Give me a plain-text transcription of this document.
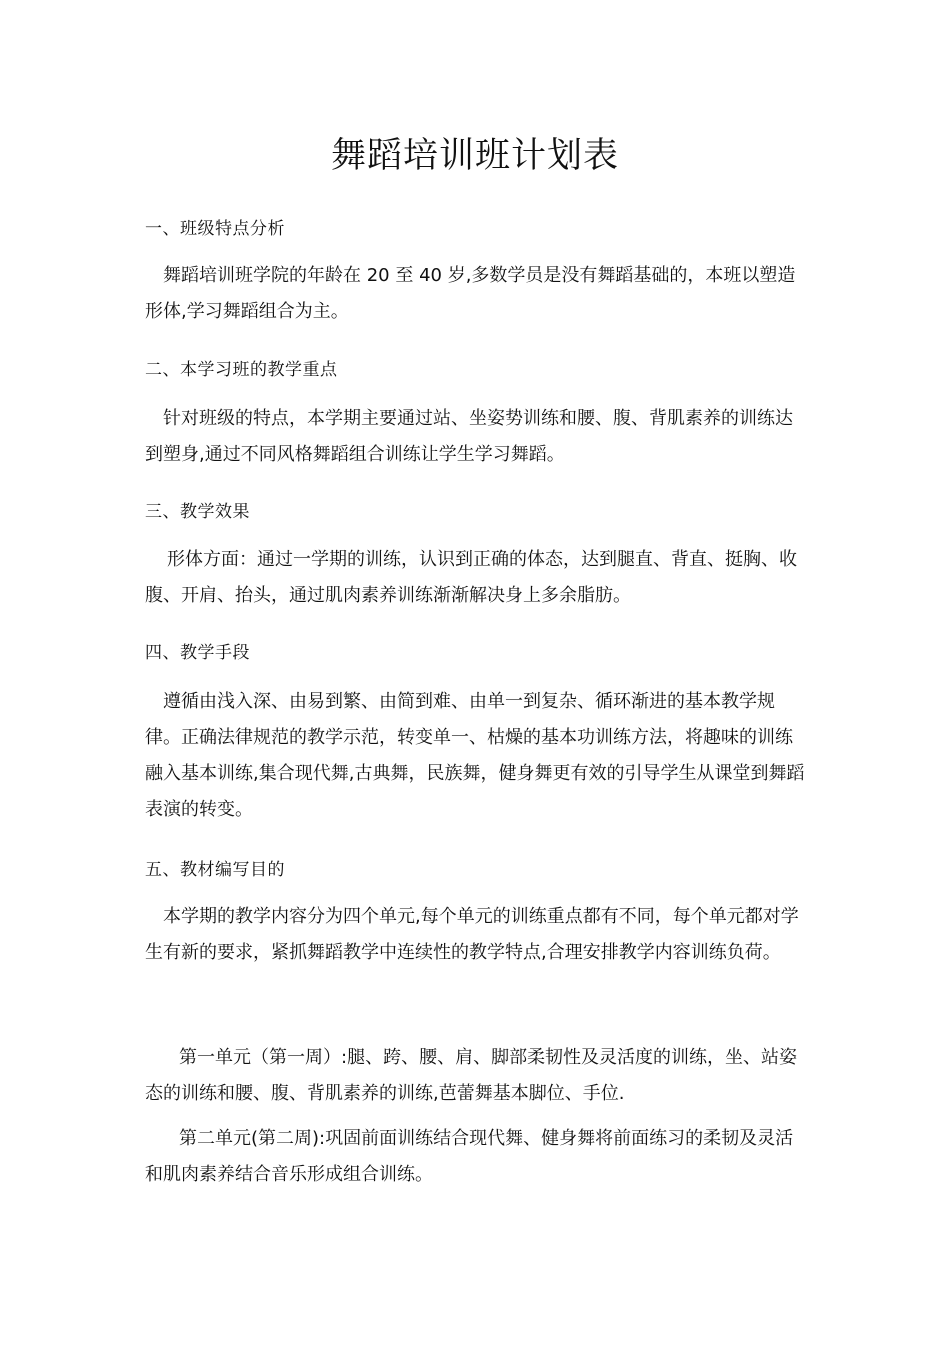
舞蹈培训班计划表
一、班级特点分析
舞蹈培训班学院的年龄在 20 至 40 岁,多数学员是没有舞蹈基础的，本班以塑造形体,学习舞蹈组合为主。
二、本学习班的教学重点
针对班级的特点，本学期主要通过站、坐姿势训练和腰、腹、背肌素养的训练达到塑身,通过不同风格舞蹈组合训练让学生学习舞蹈。
三、教学效果
形体方面：通过一学期的训练，认识到正确的体态，达到腿直、背直、挺胸、收腹、开肩、抬头，通过肌肉素养训练渐渐解决身上多余脂肪。
四、教学手段
遵循由浅入深、由易到繁、由简到难、由单一到复杂、循环渐进的基本教学规律。正确法律规范的教学示范，转变单一、枯燥的基本功训练方法，将趣味的训练融入基本训练,集合现代舞,古典舞，民族舞，健身舞更有效的引导学生从课堂到舞蹈表演的转变。
五、教材编写目的
本学期的教学内容分为四个单元,每个单元的训练重点都有不同，每个单元都对学生有新的要求，紧抓舞蹈教学中连续性的教学特点,合理安排教学内容训练负荷。
第一单元（第一周）:腿、跨、腰、肩、脚部柔韧性及灵活度的训练，坐、站姿态的训练和腰、腹、背肌素养的训练,芭蕾舞基本脚位、手位.
第二单元(第二周):巩固前面训练结合现代舞、健身舞将前面练习的柔韧及灵活和肌肉素养结合音乐形成组合训练。
